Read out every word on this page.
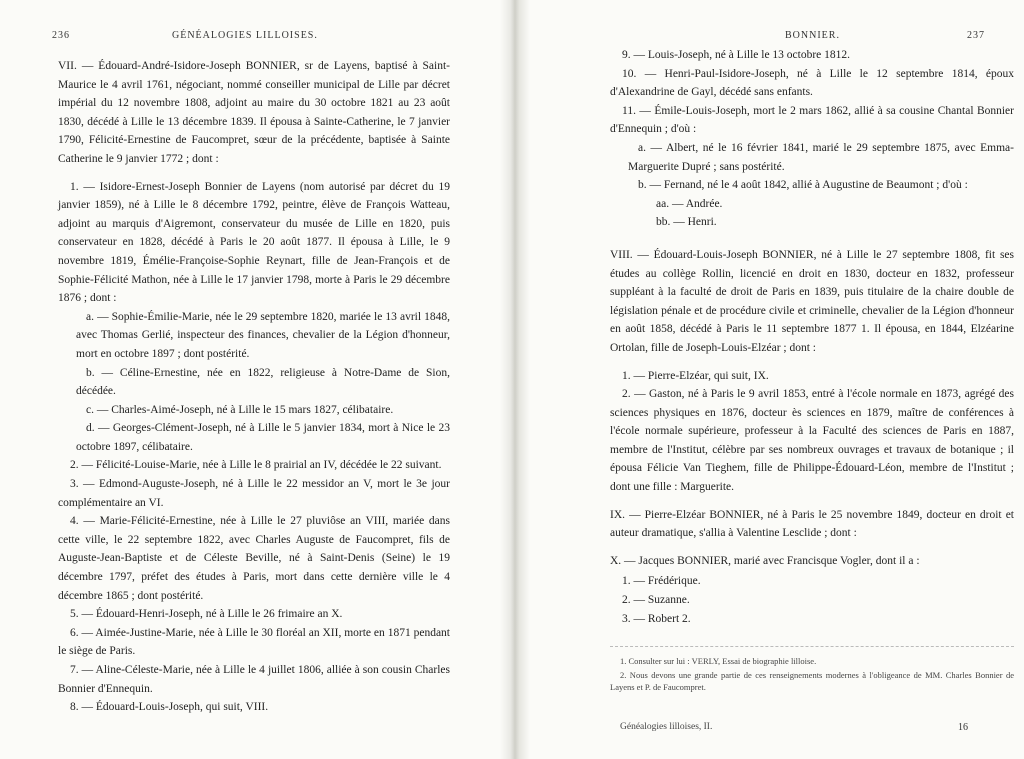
236	GÉNÉALOGIES LILLOISES.

VII. — Édouard-André-Isidore-Joseph BONNIER, sr de Layens, baptisé à Saint-Maurice le 4 avril 1761, négociant, nommé conseiller municipal de Lille par décret impérial du 12 novembre 1808, adjoint au maire du 30 octobre 1821 au 23 août 1830, décédé à Lille le 13 décembre 1839. Il épousa à Sainte-Catherine, le 7 janvier 1790, Félicité-Ernestine de Faucompret, sœur de la précédente, baptisée à Sainte Catherine le 9 janvier 1772 ; dont :

1. — Isidore-Ernest-Joseph Bonnier de Layens (nom autorisé par décret du 19 janvier 1859), né à Lille le 8 décembre 1792, peintre, élève de François Watteau, adjoint au marquis d'Aigremont, conservateur du musée de Lille en 1820, puis conservateur en 1828, décédé à Paris le 20 août 1877. Il épousa à Lille, le 9 novembre 1819, Émélie-Françoise-Sophie Reynart, fille de Jean-François et de Sophie-Félicité Mathon, née à Lille le 17 janvier 1798, morte à Paris le 29 décembre 1876 ; dont :

a. — Sophie-Émilie-Marie, née le 29 septembre 1820, mariée le 13 avril 1848, avec Thomas Gerlié, inspecteur des finances, chevalier de la Légion d'honneur, mort en octobre 1897 ; dont postérité.

b. — Céline-Ernestine, née en 1822, religieuse à Notre-Dame de Sion, décédée.

c. — Charles-Aimé-Joseph, né à Lille le 15 mars 1827, célibataire.

d. — Georges-Clément-Joseph, né à Lille le 5 janvier 1834, mort à Nice le 23 octobre 1897, célibataire.

2. — Félicité-Louise-Marie, née à Lille le 8 prairial an IV, décédée le 22 suivant.

3. — Edmond-Auguste-Joseph, né à Lille le 22 messidor an V, mort le 3e jour complémentaire an VI.

4. — Marie-Félicité-Ernestine, née à Lille le 27 pluviôse an VIII, mariée dans cette ville, le 22 septembre 1822, avec Charles Auguste de Faucompret, fils de Auguste-Jean-Baptiste et de Céleste Beville, né à Saint-Denis (Seine) le 19 décembre 1797, préfet des études à Paris, mort dans cette dernière ville le 4 décembre 1865 ; dont postérité.

5. — Édouard-Henri-Joseph, né à Lille le 26 frimaire an X.

6. — Aimée-Justine-Marie, née à Lille le 30 floréal an XII, morte en 1871 pendant le siège de Paris.

7. — Aline-Céleste-Marie, née à Lille le 4 juillet 1806, alliée à son cousin Charles Bonnier d'Ennequin.

8. — Édouard-Louis-Joseph, qui suit, VIII.

BONNIER.	237

9. — Louis-Joseph, né à Lille le 13 octobre 1812.

10. — Henri-Paul-Isidore-Joseph, né à Lille le 12 septembre 1814, époux d'Alexandrine de Gayl, décédé sans enfants.

11. — Émile-Louis-Joseph, mort le 2 mars 1862, allié à sa cousine Chantal Bonnier d'Ennequin ; d'où :

a. — Albert, né le 16 février 1841, marié le 29 septembre 1875, avec Emma-Marguerite Dupré ; sans postérité.

b. — Fernand, né le 4 août 1842, allié à Augustine de Beaumont ; d'où :

aa. — Andrée.

bb. — Henri.

VIII. — Édouard-Louis-Joseph BONNIER, né à Lille le 27 septembre 1808, fit ses études au collège Rollin, licencié en droit en 1830, docteur en 1832, professeur suppléant à la faculté de droit de Paris en 1839, puis titulaire de la chaire double de législation pénale et de procédure civile et criminelle, chevalier de la Légion d'honneur en août 1858, décédé à Paris le 11 septembre 1877 1. Il épousa, en 1844, Elzéarine Ortolan, fille de Joseph-Louis-Elzéar ; dont :

1. — Pierre-Elzéar, qui suit, IX.

2. — Gaston, né à Paris le 9 avril 1853, entré à l'école normale en 1873, agrégé des sciences physiques en 1876, docteur ès sciences en 1879, maître de conférences à l'école normale supérieure, professeur à la Faculté des sciences de Paris en 1887, membre de l'Institut, célèbre par ses nombreux ouvrages et travaux de botanique ; il épousa Félicie Van Tieghem, fille de Philippe-Édouard-Léon, membre de l'Institut ; dont une fille : Marguerite.

IX. — Pierre-Elzéar BONNIER, né à Paris le 25 novembre 1849, docteur en droit et auteur dramatique, s'allia à Valentine Lesclide ; dont :

X. — Jacques BONNIER, marié avec Francisque Vogler, dont il a :

1. — Frédérique.

2. — Suzanne.

3. — Robert 2.

1. Consulter sur lui : VERLY, Essai de biographie lilloise.

2. Nous devons une grande partie de ces renseignements modernes à l'obligeance de MM. Charles Bonnier de Layens et P. de Faucompret.

Généalogies lilloises, II.	16
